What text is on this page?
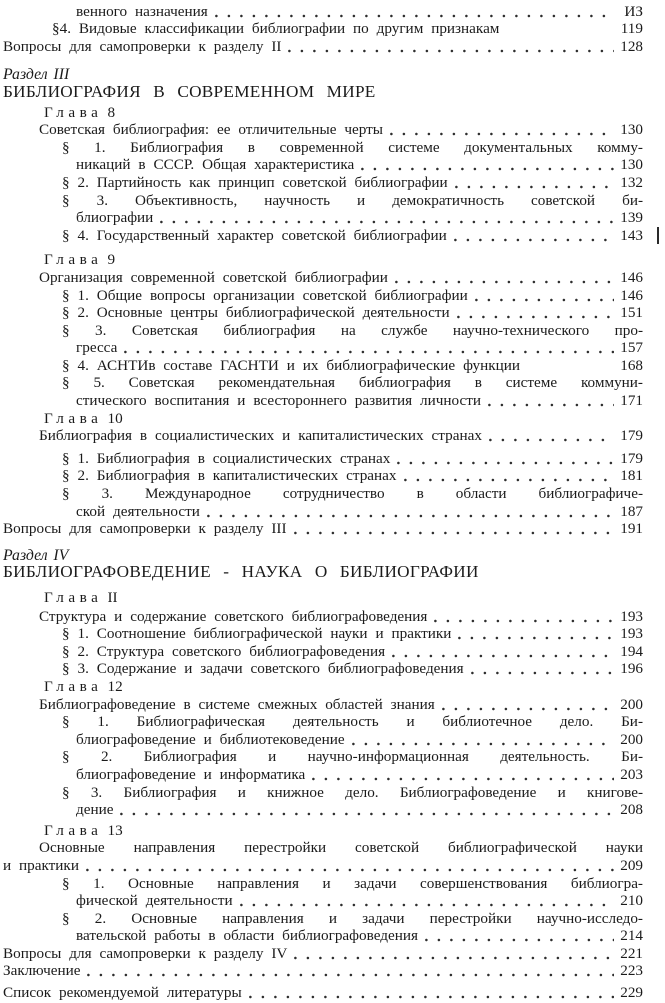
венного назначения	ИЗ
§4. Видовые классификации библиографии по другим признакам	119
Вопросы для самопроверки к разделу II	128
Раздел III
БИБЛИОГРАФИЯ В СОВРЕМЕННОМ МИРЕ
Глава 8
Советская библиография: ее отличительные черты	130
§ 1. Библиография в современной системе документальных комму-
никаций в СССР. Общая характеристика	130
§ 2. Партийность как принцип советской библиографии	132
§ 3. Объективность, научность и демократичность советской би-
блиографии	139
§ 4. Государственный характер советской библиографии	143
Глава 9
Организация современной советской библиографии	146
§ 1. Общие вопросы организации советской библиографии	146
§ 2. Основные центры библиографической деятельности	151
§ 3. Советская библиография на службе научно-технического про-
гресса	157
§ 4. АСНТИв составе ГАСНТИ и их библиографические функции	168
§ 5. Советская рекомендательная библиография в системе коммуни-
стического воспитания и всестороннего развития личности	171
Глава 10
Библиография в социалистических и капиталистических странах	179
§ 1. Библиография в социалистических странах	179
§ 2. Библиография в капиталистических странах	181
§ 3. Международное сотрудничество в области библиографиче-
ской деятельности	187
Вопросы для самопроверки к разделу III	191
Раздел IV
БИБЛИОГРАФОВЕДЕНИЕ - НАУКА О БИБЛИОГРАФИИ
Глава II
Структура и содержание советского библиографоведения	193
§ 1. Соотношение библиографической науки и практики	193
§ 2. Структура советского библиографоведения	194
§ 3. Содержание и задачи советского библиографоведения	196
Глава 12
Библиографоведение в системе смежных областей знания	200
§ 1. Библиографическая деятельность и библиотечное дело. Би-
блиографоведение и библиотековедение	200
§ 2. Библиография и научно-информационная деятельность. Би-
блиографоведение и информатика	203
§ 3. Библиография и книжное дело. Библиографоведение и книгове-
дение	208
Глава 13
Основные направления перестройки советской библиографической науки
и практики	209
§ 1. Основные направления и задачи совершенствования библиогра-
фической деятельности	210
§ 2. Основные направления и задачи перестройки научно-исследо-
вательской работы в области библиографоведения	214
Вопросы для самопроверки к разделу IV	221
Заключение	223
Список рекомендуемой литературы	229
